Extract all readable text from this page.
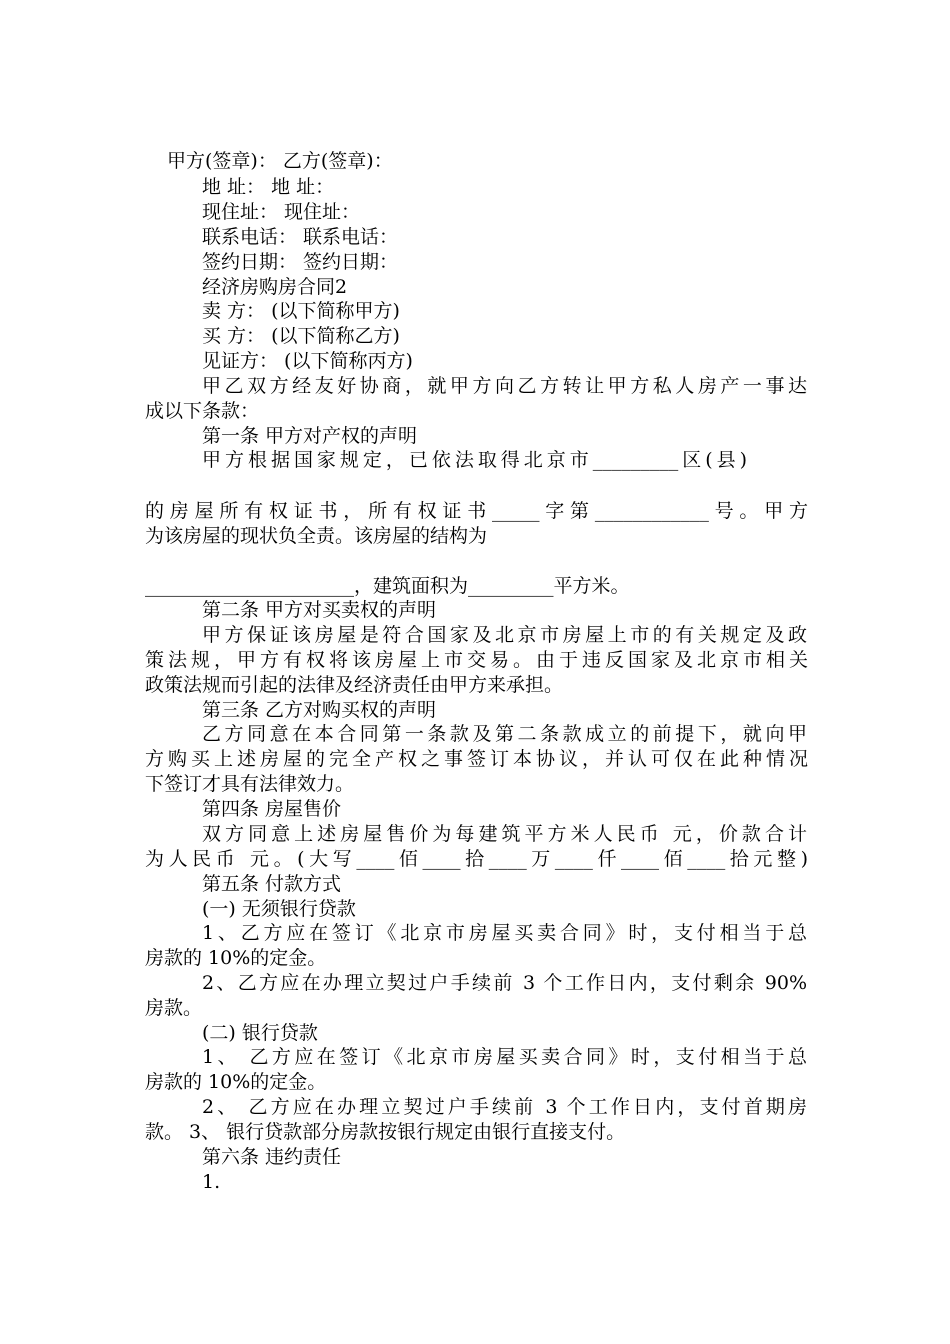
甲方(签章)： 乙方(签章)：
地 址： 地 址：
现住址： 现住址：
联系电话： 联系电话：
签约日期： 签约日期：
经济房购房合同2
卖 方： (以下简称甲方)
买 方： (以下简称乙方)
见证方： (以下简称丙方)
甲乙双方经友好协商，就甲方向乙方转让甲方私人房产一事达
成以下条款：
第一条 甲方对产权的声明
甲方根据国家规定，已依法取得北京市_________区(县)
的房屋所有权证书，所有权证书_____字第____________号。甲方
为该房屋的现状负全责。该房屋的结构为
______________________，建筑面积为_________平方米。
第二条 甲方对买卖权的声明
甲方保证该房屋是符合国家及北京市房屋上市的有关规定及政
策法规，甲方有权将该房屋上市交易。由于违反国家及北京市相关
政策法规而引起的法律及经济责任由甲方来承担。
第三条 乙方对购买权的声明
乙方同意在本合同第一条款及第二条款成立的前提下，就向甲
方购买上述房屋的完全产权之事签订本协议，并认可仅在此种情况
下签订才具有法律效力。
第四条 房屋售价
双方同意上述房屋售价为每建筑平方米人民币 元，价款合计
为人民币 元。(大写____佰____拾____万____仟____佰____拾元整)
第五条 付款方式
(一) 无须银行贷款
1、乙方应在签订《北京市房屋买卖合同》时，支付相当于总
房款的 10%的定金。
2、乙方应在办理立契过户手续前 3 个工作日内，支付剩余 90%
房款。
(二) 银行贷款
1、 乙方应在签订《北京市房屋买卖合同》时，支付相当于总
房款的 10%的定金。
2、 乙方应在办理立契过户手续前 3 个工作日内，支付首期房
款。 3、 银行贷款部分房款按银行规定由银行直接支付。
第六条 违约责任
1.
